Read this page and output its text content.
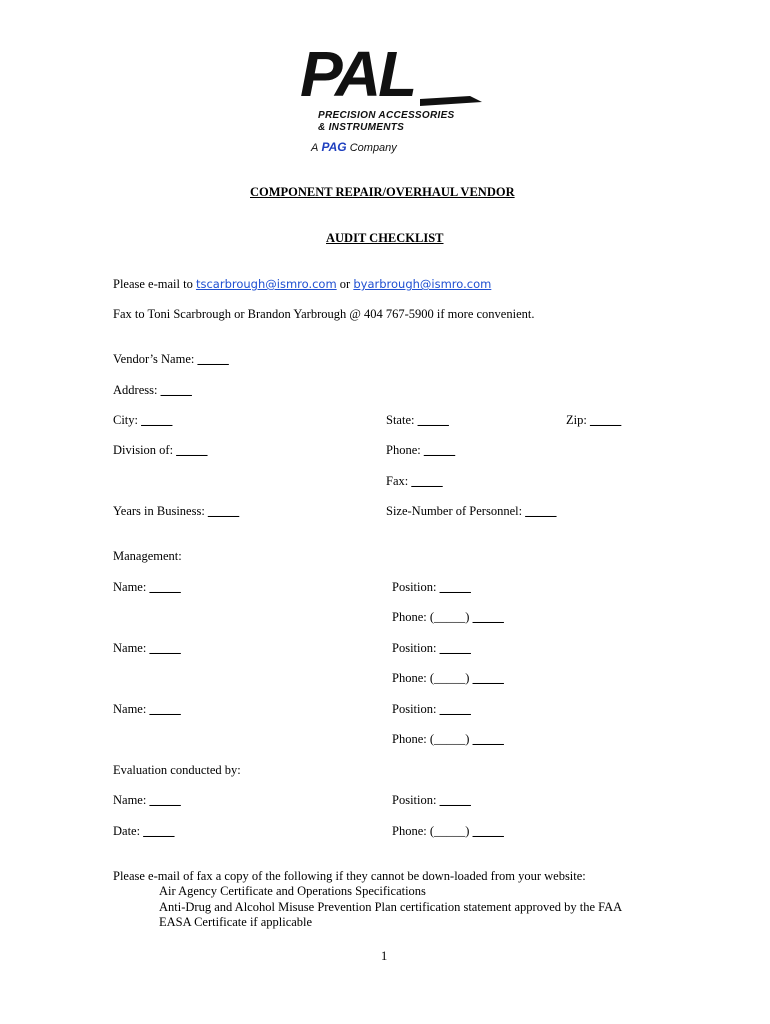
PAL
PRECISION ACCESSORIES
& INSTRUMENTS
A PAG Company
COMPONENT REPAIR/OVERHAUL VENDOR
AUDIT CHECKLIST
Please e-mail to tscarbrough@ismro.com or byarbrough@ismro.com
Fax to Toni Scarbrough or Brandon Yarbrough @ 404 767-5900 if more convenient.
Vendor’s Name: _____
Address: _____
City: _____	State: _____	Zip: _____
Division of: _____	Phone: _____
Fax: _____
Years in Business: _____	Size-Number of Personnel: _____
Management:
Name: _____	Position: _____
Phone: (_____) _____
Name: _____	Position: _____
Phone: (_____) _____
Name: _____	Position: _____
Phone: (_____) _____
Evaluation conducted by:
Name: _____	Position: _____
Date: _____	Phone: (_____) _____
Please e-mail of fax a copy of the following if they cannot be down-loaded from your website:
Air Agency Certificate and Operations Specifications
Anti-Drug and Alcohol Misuse Prevention Plan certification statement approved by the FAA
EASA Certificate if applicable
1
